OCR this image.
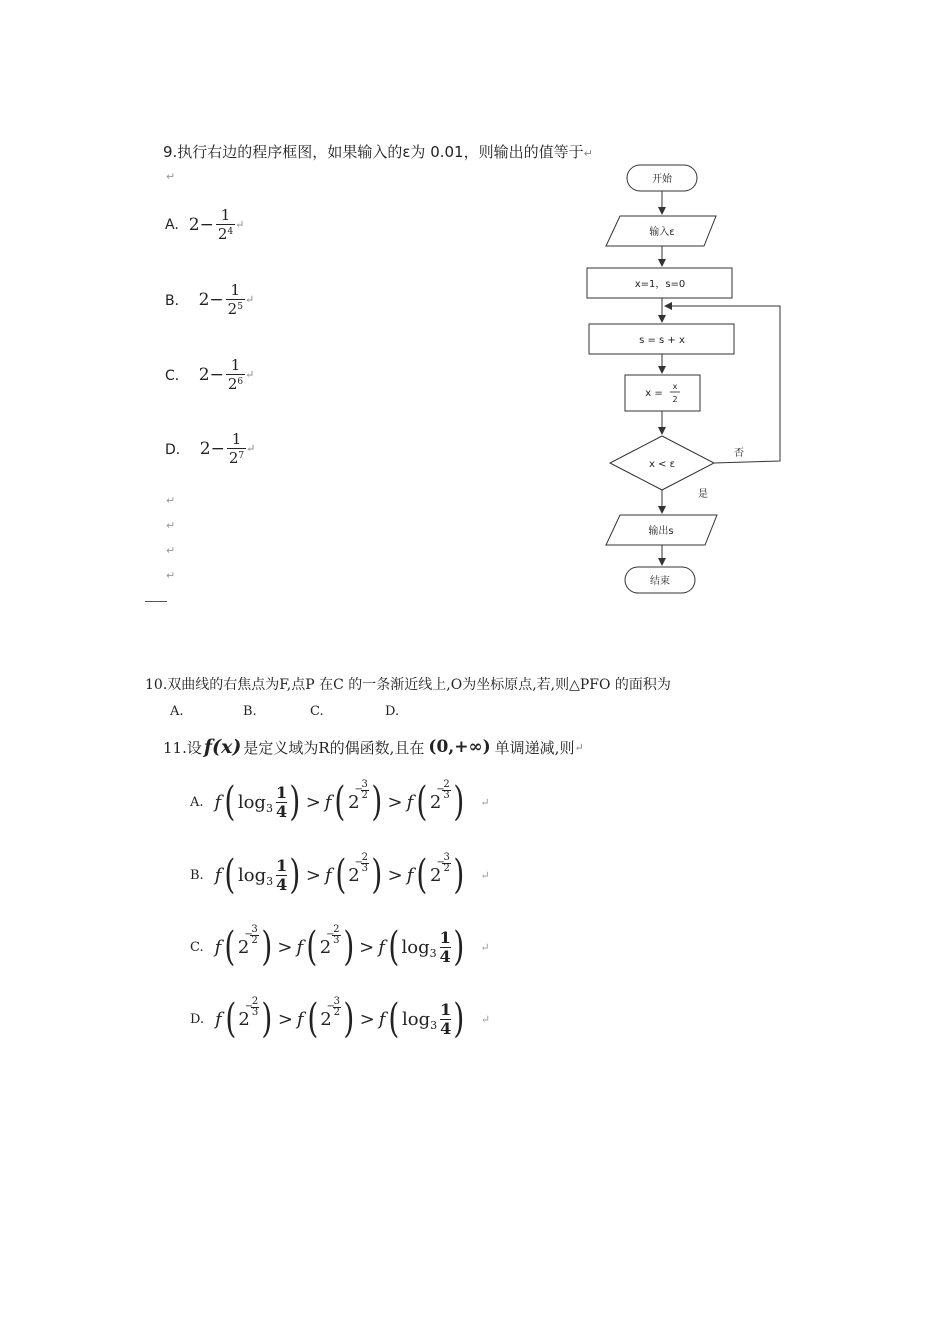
9.执行右边的程序框图，如果输入的ε为 0.01，则输出的值等于↵
↵
A. $2- \frac{1}{2^4}$ ↵
B． $2- \frac{1}{2^5}$ ↵
C． $2- \frac{1}{2^6}$ ↵
D． $2- \frac{1}{2^7}$ ↵
↵
↵
↵
↵
开始
输入ε
x=1，s=0
s = s + x
x =
x
2
x < ε
否
是
输出s
结束
10.双曲线的右焦点为F,点P 在C 的一条渐近线上,O为坐标原点,若,则△PFO 的面积为
A.	B.	C.	D.
11.设 f(x) 是定义域为R的偶函数,且在 (0,+∞) 单调递减,则 ↵
A. f ( $\log_3 \frac{1}{4}$ ) > f ( 2
−
3
2 ) > f ( 2
−
2
3 ) ↵
B. f ( $\log_3 \frac{1}{4}$ ) > f ( 2
−
2
3 ) > f ( 2
−
3
2 ) ↵
C. f ( 2
−
3
2 ) > f ( 2
−
2
3 ) > f ( $\log_3 \frac{1}{4}$ ) ↵
D. f ( 2
−
2
3 ) > f ( 2
−
3
2 ) > f ( $\log_3 \frac{1}{4}$ ) ↵
